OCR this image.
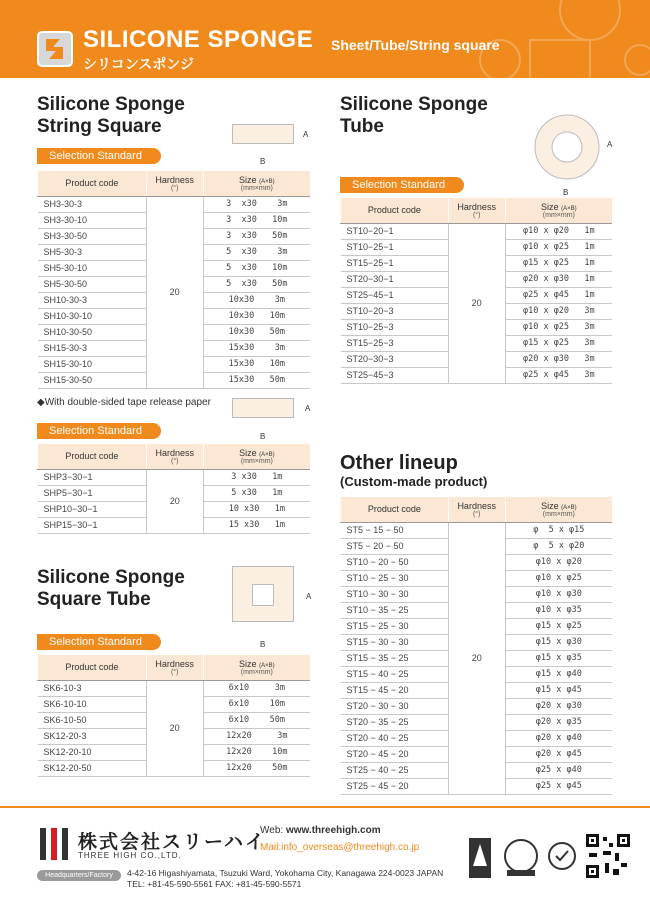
SILICONE SPONGE Sheet/Tube/String square
シリコンスポンジ
Silicone Sponge
String Square	A
B
Selection Standard
Product code	Hardness
(°)	Size (A×B)
(mm×mm)

SH3-30-3	20	3  x30    3m
SH3-30-10		3  x30   10m
SH3-30-50		3  x30   50m
SH5-30-3		5  x30    3m
SH5-30-10		5  x30   10m
SH5-30-50		5  x30   50m
SH10-30-3		10x30    3m
SH10-30-10		10x30   10m
SH10-30-50		10x30   50m
SH15-30-3		15x30    3m
SH15-30-10		15x30   10m
SH15-30-50		15x30   50m
◆With double-sided tape release paper
A
B
Selection Standard
Product code	Hardness
(°)	Size (A×B)
(mm×mm)

SHP3−30−1	20	3 x30   1m
SHP5−30−1		5 x30   1m
SHP10−30−1		10 x30   1m
SHP15−30−1		15 x30   1m
Silicone Sponge
Square Tube	A
B
Selection Standard
Product code	Hardness
(°)	Size (A×B)
(mm×mm)

SK6-10-3	20	6x10     3m
SK6-10-10		6x10    10m
SK6-10-50		6x10    50m
SK12-20-3		12x20     3m
SK12-20-10		12x20    10m
SK12-20-50		12x20    50m
Silicone Sponge
Tube
A
B
Selection Standard
Product code	Hardness
(°)	Size (A×B)
(mm×mm)

ST10−20−1	20	φ10 x φ20   1m
ST10−25−1		φ10 x φ25   1m
ST15−25−1		φ15 x φ25   1m
ST20−30−1		φ20 x φ30   1m
ST25−45−1		φ25 x φ45   1m
ST10−20−3		φ10 x φ20   3m
ST10−25−3		φ10 x φ25   3m
ST15−25−3		φ15 x φ25   3m
ST20−30−3		φ20 x φ30   3m
ST25−45−3		φ25 x φ45   3m
Other lineup
(Custom-made product)
Product code	Hardness
(°)	Size (A×B)
(mm×mm)

ST5 − 15 − 50	20	φ  5 x φ15
ST5 − 20 − 50		φ  5 x φ20
ST10 − 20 − 50		φ10 x φ20
ST10 − 25 − 30		φ10 x φ25
ST10 − 30 − 30		φ10 x φ30
ST10 − 35 − 25		φ10 x φ35
ST15 − 25 − 30		φ15 x φ25
ST15 − 30 − 30		φ15 x φ30
ST15 − 35 − 25		φ15 x φ35
ST15 − 40 − 25		φ15 x φ40
ST15 − 45 − 20		φ15 x φ45
ST20 − 30 − 30		φ20 x φ30
ST20 − 35 − 25		φ20 x φ35
ST20 − 40 − 25		φ20 x φ40
ST20 − 45 − 20		φ20 x φ45
ST25 − 40 − 25		φ25 x φ40
ST25 − 45 − 20		φ25 x φ45
株式会社スリーハイ
THREE HIGH CO.,LTD.
Web: www.threehigh.com
Mail:info_overseas@threehigh.co.jp
Headquarters/Factory	4-42-16 Higashiyamata, Tsuzuki Ward, Yokohama City, Kanagawa 224-0023 JAPAN
TEL: +81-45-590-5561 FAX: +81-45-590-5571
